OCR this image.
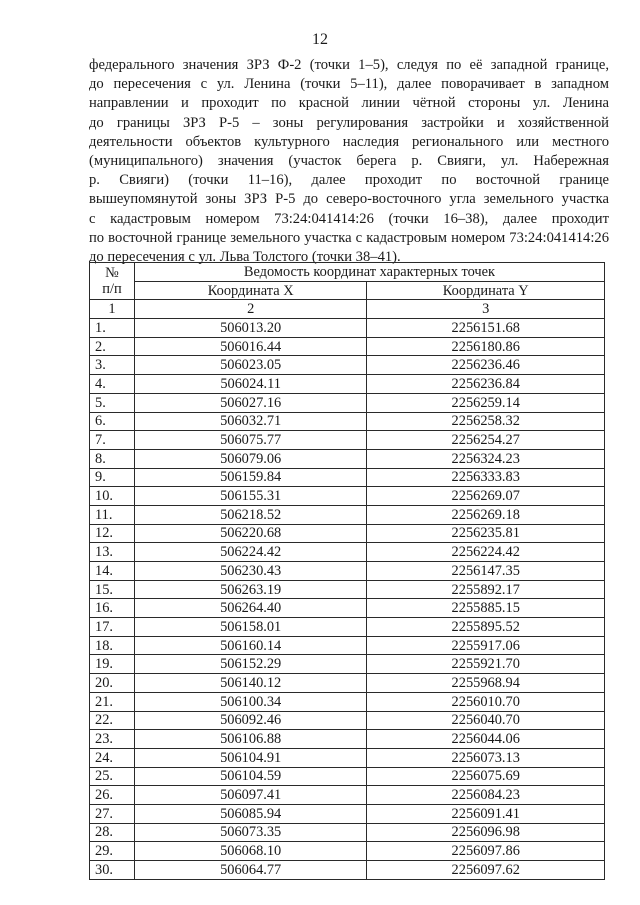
12
федерального значения ЗРЗ Ф-2 (точки 1–5), следуя по её западной границе,
до пересечения с ул. Ленина (точки 5–11), далее поворачивает в западном
направлении и проходит по красной линии чётной стороны ул. Ленина
до границы ЗРЗ Р-5 – зоны регулирования застройки и хозяйственной
деятельности объектов культурного наследия регионального или местного
(муниципального) значения (участок берега р. Свияги, ул. Набережная
р. Свияги) (точки 11–16), далее проходит по восточной границе
вышеупомянутой зоны ЗРЗ Р-5 до северо-восточного угла земельного участка
с кадастровым номером 73:24:041414:26 (точки 16–38), далее проходит
по восточной границе земельного участка с кадастровым номером 73:24:041414:26
до пересечения с ул. Льва Толстого (точки 38–41).
№
п/п	Ведомость координат характерных точек	
	Координата X	Координата Y
1	2	3
1.	506013.20	2256151.68
2.	506016.44	2256180.86
3.	506023.05	2256236.46
4.	506024.11	2256236.84
5.	506027.16	2256259.14
6.	506032.71	2256258.32
7.	506075.77	2256254.27
8.	506079.06	2256324.23
9.	506159.84	2256333.83
10.	506155.31	2256269.07
11.	506218.52	2256269.18
12.	506220.68	2256235.81
13.	506224.42	2256224.42
14.	506230.43	2256147.35
15.	506263.19	2255892.17
16.	506264.40	2255885.15
17.	506158.01	2255895.52
18.	506160.14	2255917.06
19.	506152.29	2255921.70
20.	506140.12	2255968.94
21.	506100.34	2256010.70
22.	506092.46	2256040.70
23.	506106.88	2256044.06
24.	506104.91	2256073.13
25.	506104.59	2256075.69
26.	506097.41	2256084.23
27.	506085.94	2256091.41
28.	506073.35	2256096.98
29.	506068.10	2256097.86
30.	506064.77	2256097.62
